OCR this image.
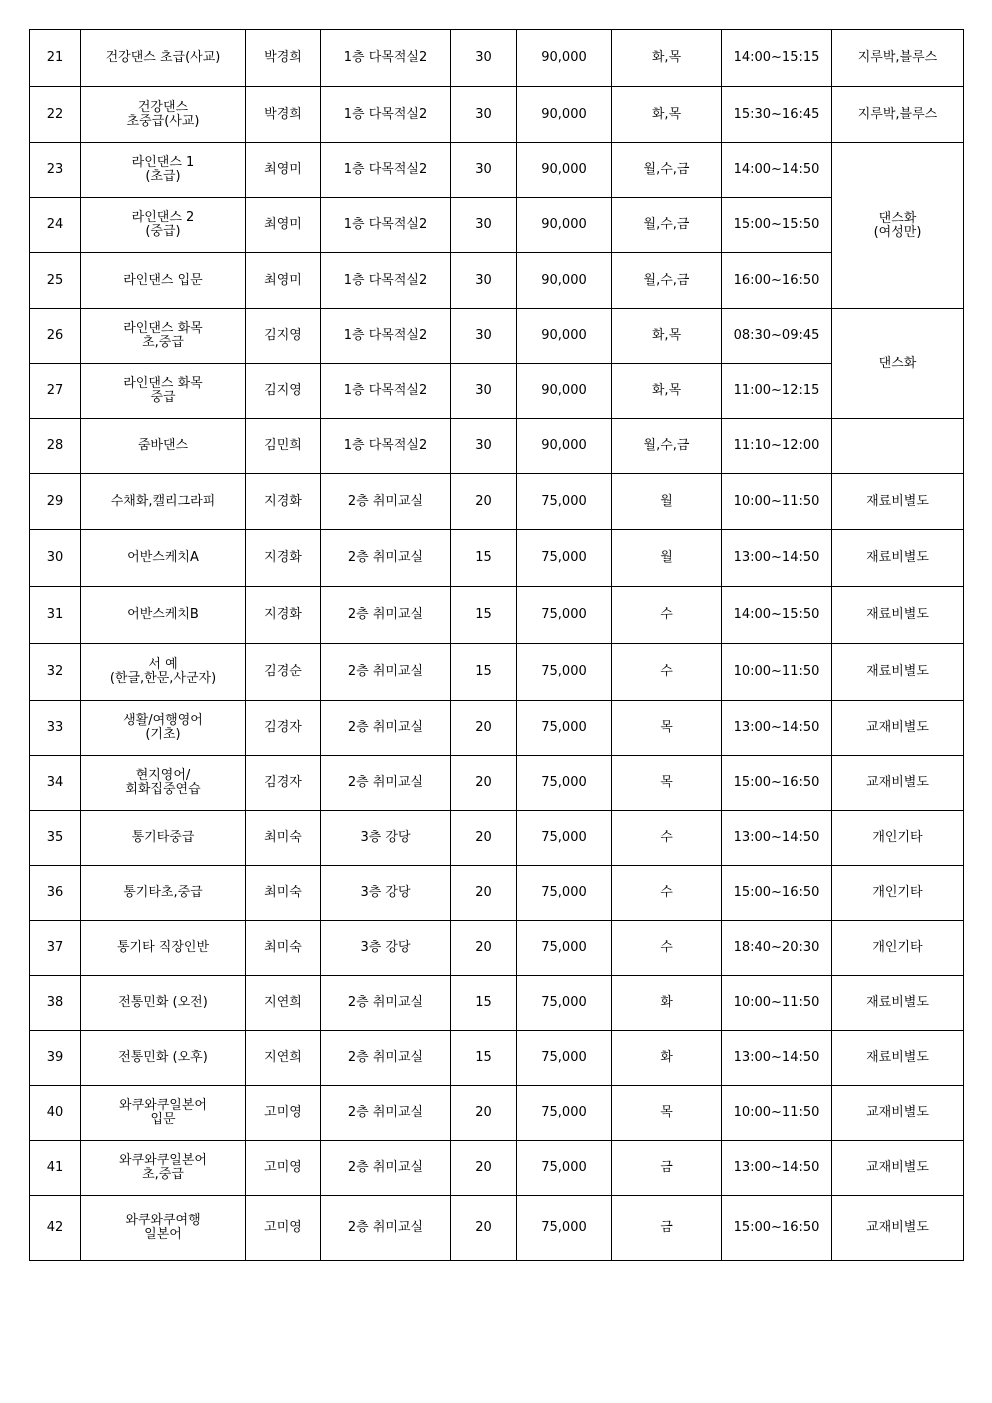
21	건강댄스 초급(사교)	박경희	1층 다목적실2	30	90,000	화,목	14:00~15:15	지루박,블루스
22	건강댄스
초중급(사교)	박경희	1층 다목적실2	30	90,000	화,목	15:30~16:45	지루박,블루스
23	라인댄스 1
(초급)	최영미	1층 다목적실2	30	90,000	월,수,금	14:00~14:50	댄스화
(여성만)

24	라인댄스 2
(중급)	최영미	1층 다목적실2	30	90,000	월,수,금	15:00~15:50	
25	라인댄스 입문	최영미	1층 다목적실2	30	90,000	월,수,금	16:00~16:50	
26	라인댄스 화목
초,중급	김지영	1층 다목적실2	30	90,000	화,목	08:30~09:45	댄스화

27	라인댄스 화목
중급	김지영	1층 다목적실2	30	90,000	화,목	11:00~12:15	
28	줌바댄스	김민희	1층 다목적실2	30	90,000	월,수,금	11:10~12:00	
29	수채화,캘리그라피	지경화	2층 취미교실	20	75,000	월	10:00~11:50	재료비별도
30	어반스케치A	지경화	2층 취미교실	15	75,000	월	13:00~14:50	재료비별도
31	어반스케치B	지경화	2층 취미교실	15	75,000	수	14:00~15:50	재료비별도
32	서 예
(한글,한문,사군자)	김경순	2층 취미교실	15	75,000	수	10:00~11:50	재료비별도
33	생활/여행영어
(기초)	김경자	2층 취미교실	20	75,000	목	13:00~14:50	교재비별도
34	현지영어/
회화집중연습	김경자	2층 취미교실	20	75,000	목	15:00~16:50	교재비별도
35	통기타중급	최미숙	3층 강당	20	75,000	수	13:00~14:50	개인기타
36	통기타초,중급	최미숙	3층 강당	20	75,000	수	15:00~16:50	개인기타
37	통기타 직장인반	최미숙	3층 강당	20	75,000	수	18:40~20:30	개인기타
38	전통민화 (오전)	지연희	2층 취미교실	15	75,000	화	10:00~11:50	재료비별도
39	전통민화 (오후)	지연희	2층 취미교실	15	75,000	화	13:00~14:50	재료비별도
40	와쿠와쿠일본어
입문	고미영	2층 취미교실	20	75,000	목	10:00~11:50	교재비별도
41	와쿠와쿠일본어
초,중급	고미영	2층 취미교실	20	75,000	금	13:00~14:50	교재비별도
42	와쿠와쿠여행
일본어	고미영	2층 취미교실	20	75,000	금	15:00~16:50	교재비별도
